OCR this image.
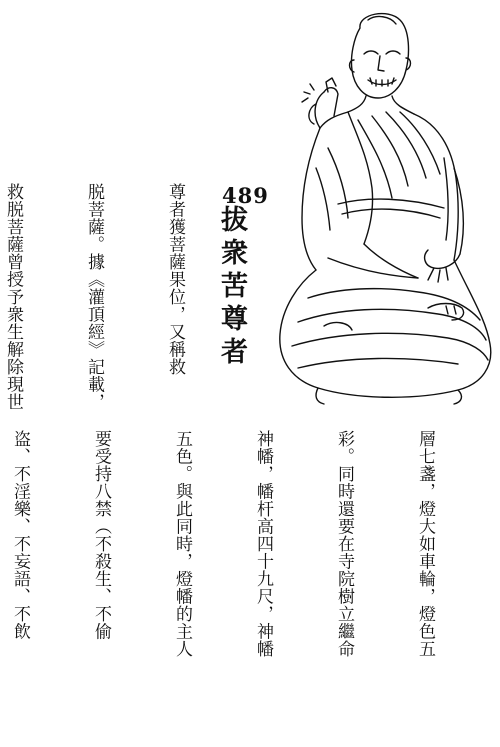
489
拔衆苦尊者

尊者獲菩薩果位，又稱救

脱菩薩。據《灌頂經》記載，

救脱菩薩曾授予衆生解除現世

層七盞，燈大如車輪，燈色五

彩。同時還要在寺院樹立繼命

神幡，幡杆高四十九尺，神幡

五色。與此同時，燈幡的主人

要受持八禁（不殺生、不偷

盗、不淫樂、不妄語、不飲
